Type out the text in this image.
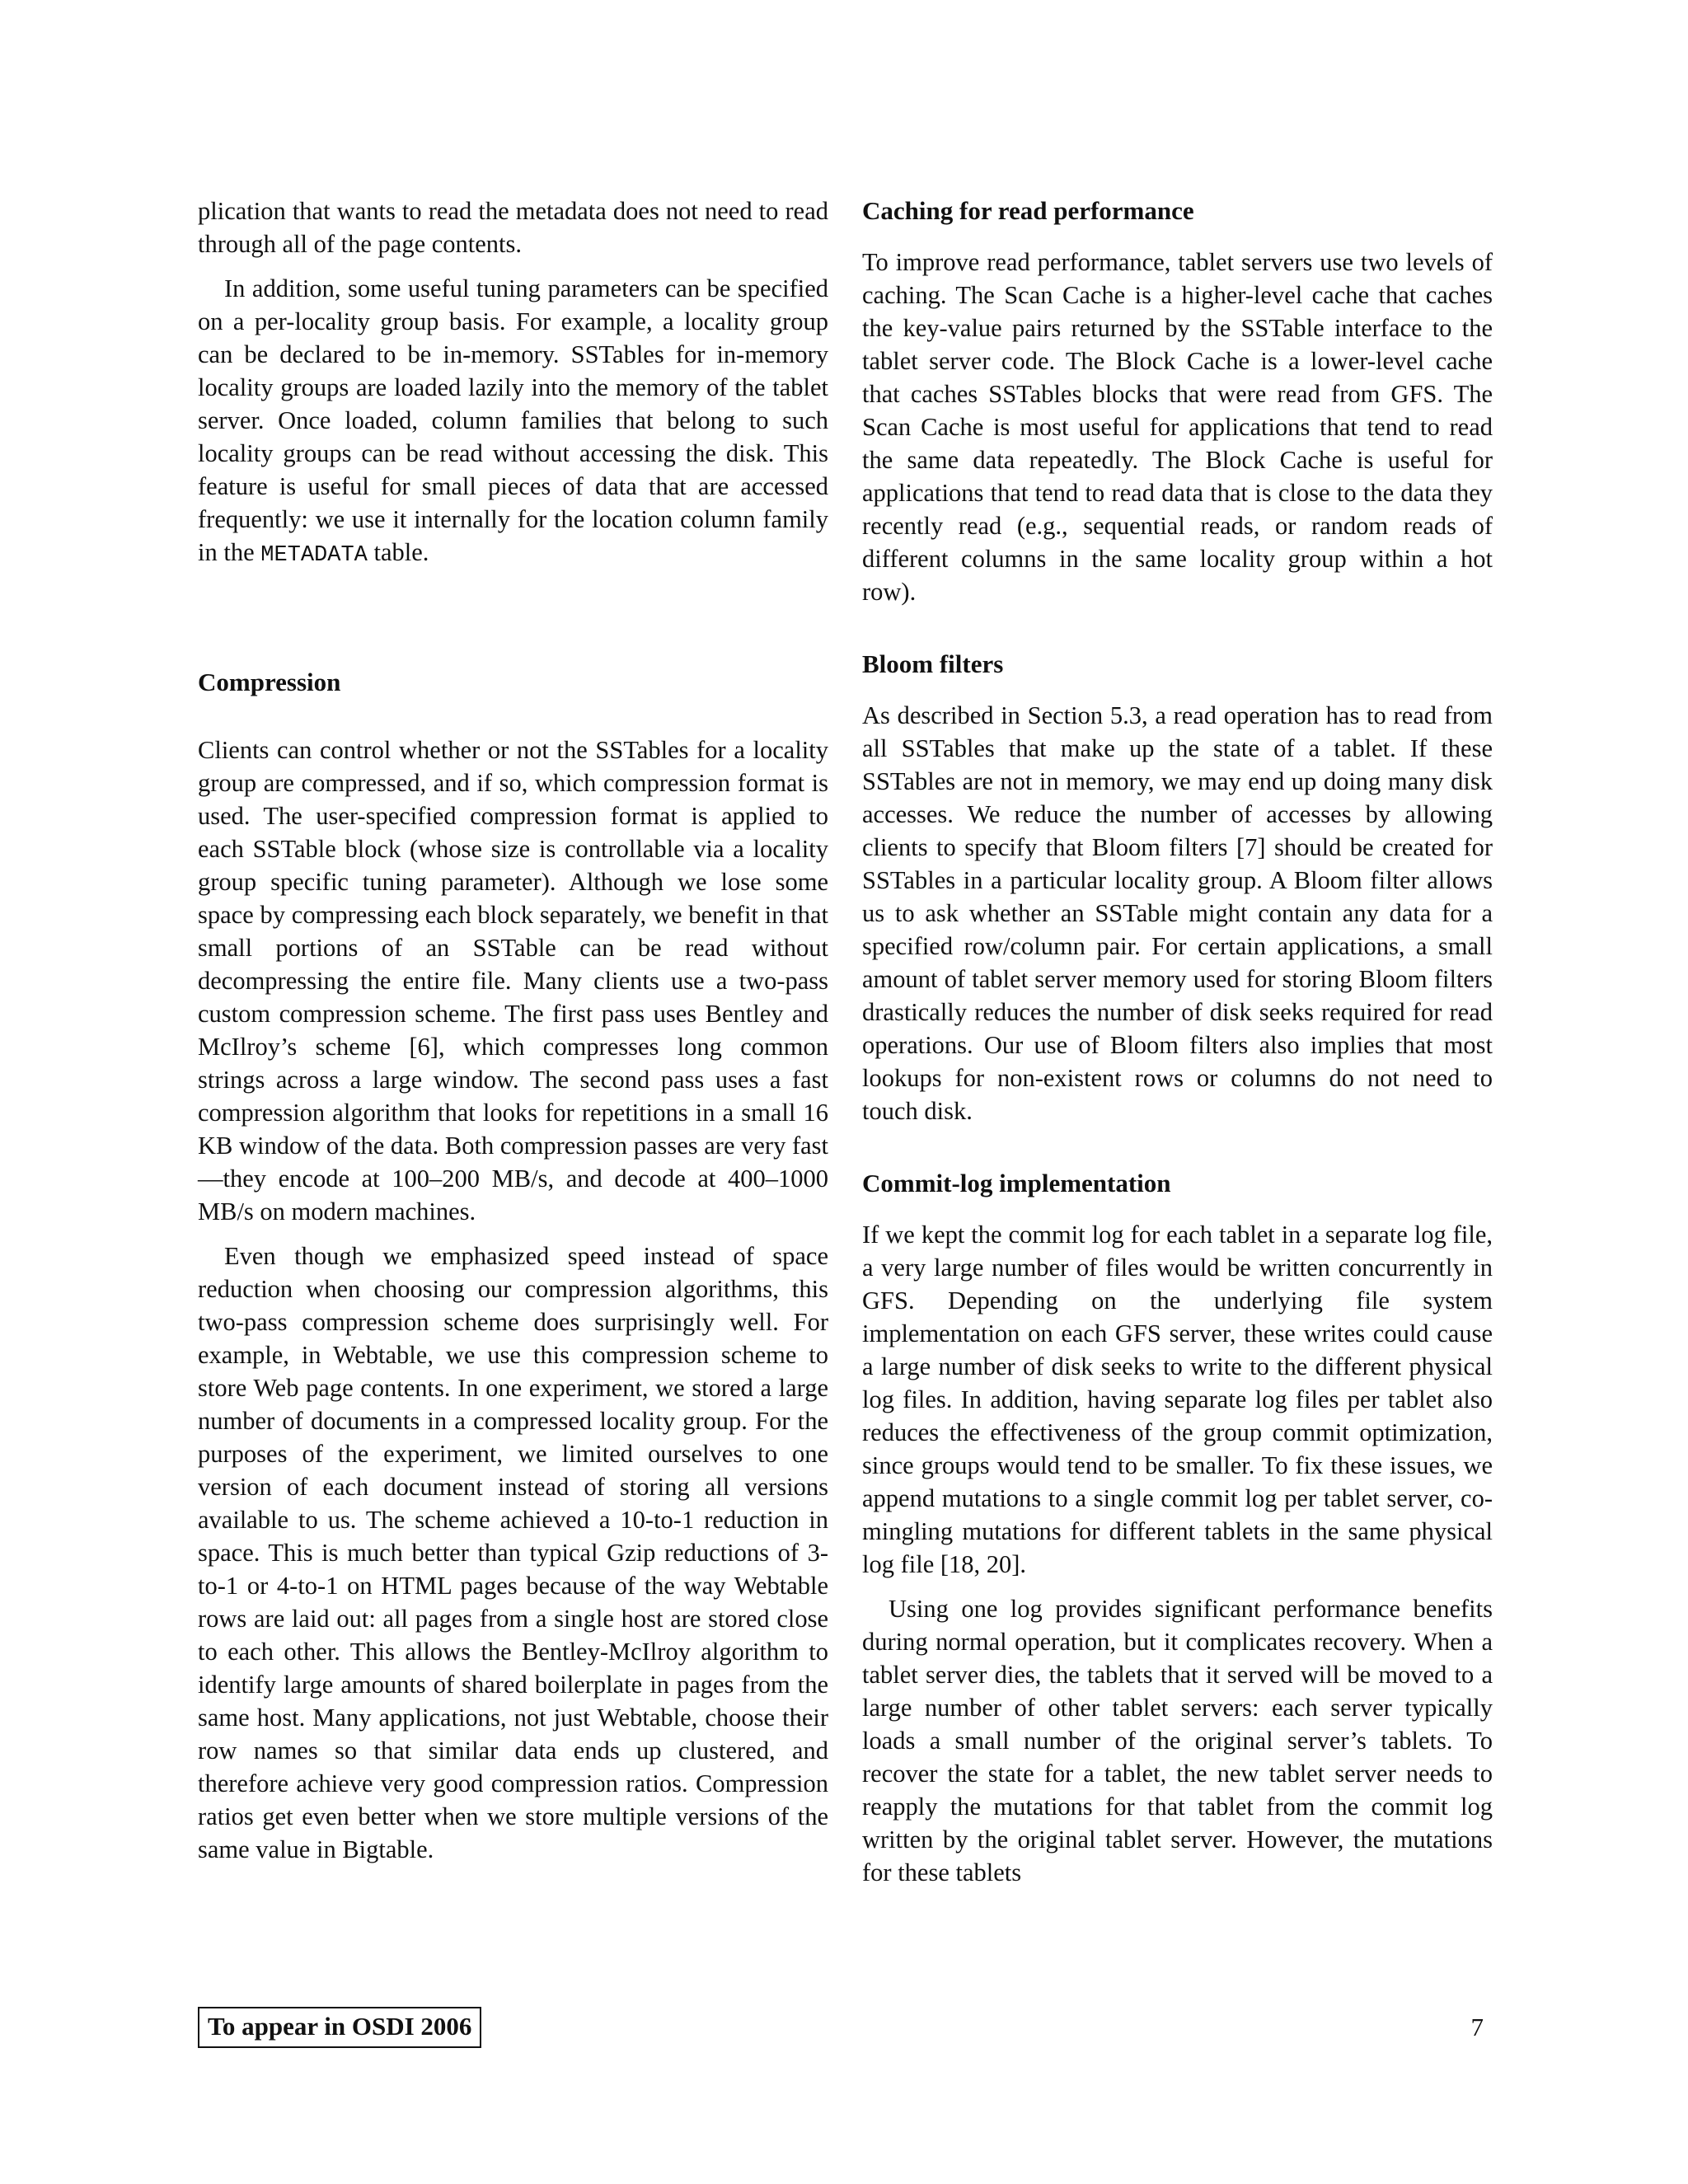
plication that wants to read the metadata does not need to read through all of the page contents.

In addition, some useful tuning parameters can be specified on a per-locality group basis. For example, a locality group can be declared to be in-memory. SSTables for in-memory locality groups are loaded lazily into the memory of the tablet server. Once loaded, column families that belong to such locality groups can be read without accessing the disk. This feature is useful for small pieces of data that are accessed frequently: we use it internally for the location column family in the METADATA table.

Compression

Clients can control whether or not the SSTables for a locality group are compressed, and if so, which compression format is used. The user-specified compression format is applied to each SSTable block (whose size is controllable via a locality group specific tuning parameter). Although we lose some space by compressing each block separately, we benefit in that small portions of an SSTable can be read without decompressing the entire file. Many clients use a two-pass custom compression scheme. The first pass uses Bentley and McIlroy’s scheme [6], which compresses long common strings across a large window. The second pass uses a fast compression algorithm that looks for repetitions in a small 16 KB window of the data. Both compression passes are very fast—they encode at 100–200 MB/s, and decode at 400–1000 MB/s on modern machines.

Even though we emphasized speed instead of space reduction when choosing our compression algorithms, this two-pass compression scheme does surprisingly well. For example, in Webtable, we use this compression scheme to store Web page contents. In one experiment, we stored a large number of documents in a compressed locality group. For the purposes of the experiment, we limited ourselves to one version of each document instead of storing all versions available to us. The scheme achieved a 10-to-1 reduction in space. This is much better than typical Gzip reductions of 3-to-1 or 4-to-1 on HTML pages because of the way Webtable rows are laid out: all pages from a single host are stored close to each other. This allows the Bentley-McIlroy algorithm to identify large amounts of shared boilerplate in pages from the same host. Many applications, not just Webtable, choose their row names so that similar data ends up clustered, and therefore achieve very good compression ratios. Compression ratios get even better when we store multiple versions of the same value in Bigtable.

Caching for read performance

To improve read performance, tablet servers use two levels of caching. The Scan Cache is a higher-level cache that caches the key-value pairs returned by the SSTable interface to the tablet server code. The Block Cache is a lower-level cache that caches SSTables blocks that were read from GFS. The Scan Cache is most useful for applications that tend to read the same data repeatedly. The Block Cache is useful for applications that tend to read data that is close to the data they recently read (e.g., sequential reads, or random reads of different columns in the same locality group within a hot row).

Bloom filters

As described in Section 5.3, a read operation has to read from all SSTables that make up the state of a tablet. If these SSTables are not in memory, we may end up doing many disk accesses. We reduce the number of accesses by allowing clients to specify that Bloom filters [7] should be created for SSTables in a particular locality group. A Bloom filter allows us to ask whether an SSTable might contain any data for a specified row/column pair. For certain applications, a small amount of tablet server memory used for storing Bloom filters drastically reduces the number of disk seeks required for read operations. Our use of Bloom filters also implies that most lookups for non-existent rows or columns do not need to touch disk.

Commit-log implementation

If we kept the commit log for each tablet in a separate log file, a very large number of files would be written concurrently in GFS. Depending on the underlying file system implementation on each GFS server, these writes could cause a large number of disk seeks to write to the different physical log files. In addition, having separate log files per tablet also reduces the effectiveness of the group commit optimization, since groups would tend to be smaller. To fix these issues, we append mutations to a single commit log per tablet server, co-mingling mutations for different tablets in the same physical log file [18, 20].

Using one log provides significant performance benefits during normal operation, but it complicates recovery. When a tablet server dies, the tablets that it served will be moved to a large number of other tablet servers: each server typically loads a small number of the original server’s tablets. To recover the state for a tablet, the new tablet server needs to reapply the mutations for that tablet from the commit log written by the original tablet server. However, the mutations for these tablets

To appear in OSDI 2006	7
